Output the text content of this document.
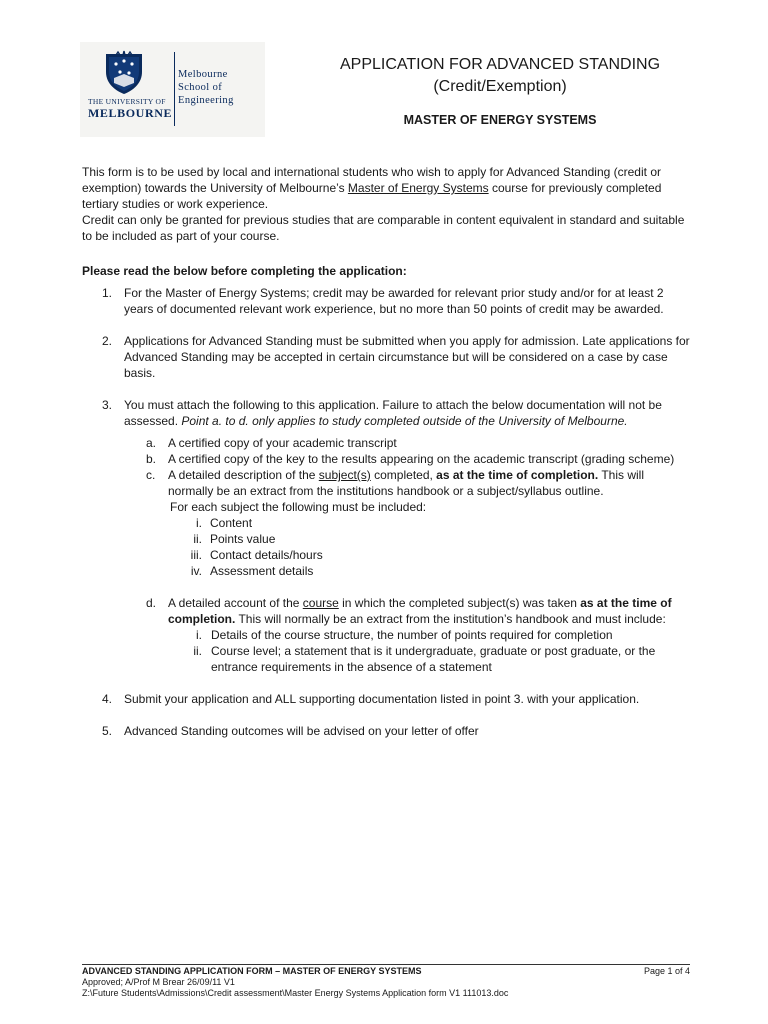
THE UNIVERSITY OF
MELBOURNE
Melbourne
School of
Engineering
APPLICATION FOR ADVANCED STANDING
(Credit/Exemption)
MASTER OF ENERGY SYSTEMS

This form is to be used by local and international students who wish to apply for Advanced Standing (credit or exemption) towards the University of Melbourne’s Master of Energy Systems course for previously completed tertiary studies or work experience.

Credit can only be granted for previous studies that are comparable in content equivalent in standard and suitable to be included as part of your course.

Please read the below before completing the application:
1. For the Master of Energy Systems; credit may be awarded for relevant prior study and/or for at least 2 years of documented relevant work experience, but no more than 50 points of credit may be awarded.
2. Applications for Advanced Standing must be submitted when you apply for admission. Late applications for Advanced Standing may be accepted in certain circumstance but will be considered on a case by case basis.
3. You must attach the following to this application. Failure to attach the below documentation will not be assessed. Point a. to d. only applies to study completed outside of the University of Melbourne.
a. A certified copy of your academic transcript
b. A certified copy of the key to the results appearing on the academic transcript (grading scheme)
c. A detailed description of the subject(s) completed, as at the time of completion. This will normally be an extract from the institutions handbook or a subject/syllabus outline.
For each subject the following must be included:
i. Content
ii. Points value
iii. Contact details/hours
iv. Assessment details
d. A detailed account of the course in which the completed subject(s) was taken as at the time of completion. This will normally be an extract from the institution’s handbook and must include:
i. Details of the course structure, the number of points required for completion
ii. Course level; a statement that is it undergraduate, graduate or post graduate, or the entrance requirements in the absence of a statement
4. Submit your application and ALL supporting documentation listed in point 3. with your application.
5. Advanced Standing outcomes will be advised on your letter of offer
ADVANCED STANDING APPLICATION FORM – MASTER OF ENERGY SYSTEMS	Page 1 of 4
Approved; A/Prof M Brear 26/09/11 V1
Z:\Future Students\Admissions\Credit assessment\Master Energy Systems Application form V1 111013.doc
